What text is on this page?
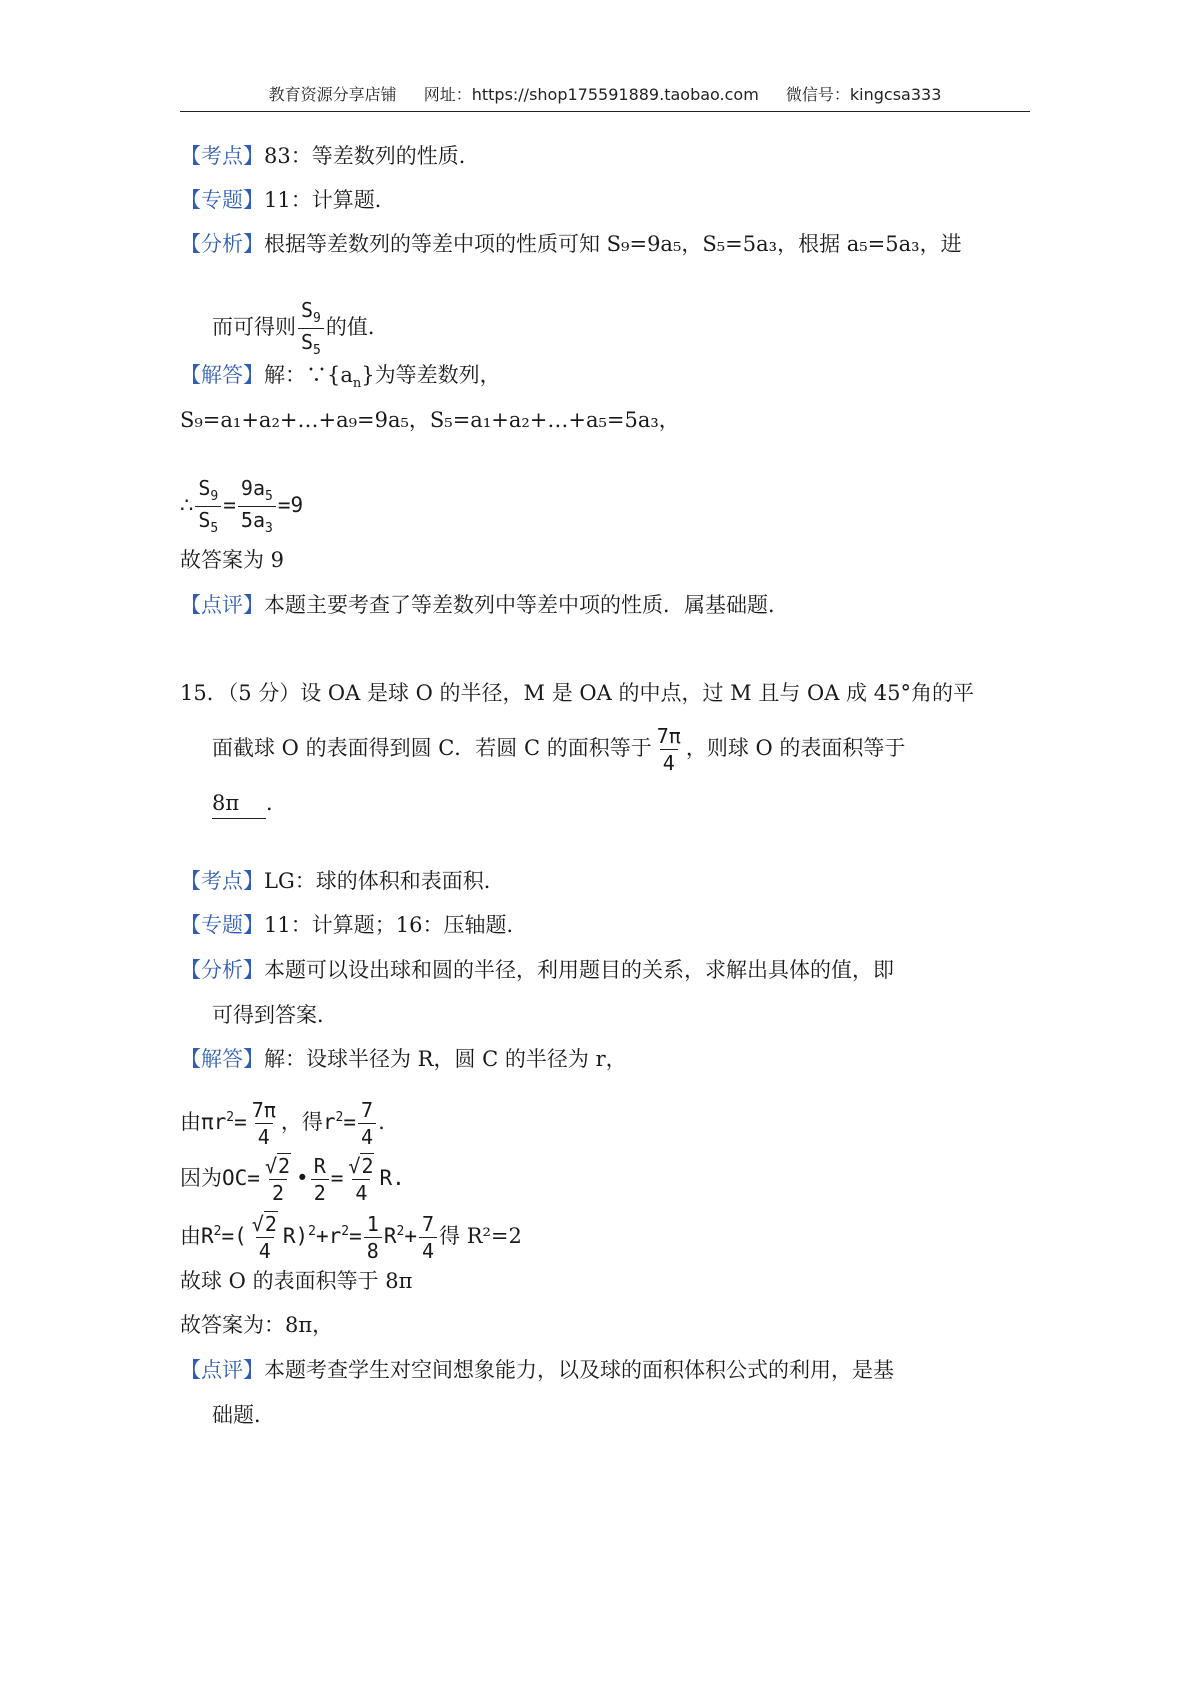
教育资源分享店铺 网址：https://shop175591889.taobao.com 微信号：kingcsa333
【考点】83：等差数列的性质．
【专题】11：计算题．
【分析】根据等差数列的等差中项的性质可知 S₉=9a₅，S₅=5a₃，根据 a₅=5a₃，进
而可得则 $\frac{S_9}{S_5}$ 的值．
【解答】解：$\because\{a_n\}$为等差数列，
S₉=a₁+a₂+…+a₉=9a₅，S₅=a₁+a₂+…+a₅=5a₃，
∴ $\frac{S_9}{S_5} = \frac{9a_5}{5a_3} =9$
故答案为 9
【点评】本题主要考查了等差数列中等差中项的性质．属基础题．
15．（5 分）设 OA 是球 O 的半径，M 是 OA 的中点，过 M 且与 OA 成 45°角的平
面截球 O 的表面得到圆 C．若圆 C 的面积等于 $\frac{7\pi}{4}$ ，则球 O 的表面积等于
8π ．
【考点】LG：球的体积和表面积．
【专题】11：计算题；16：压轴题．
【分析】本题可以设出球和圆的半径，利用题目的关系，求解出具体的值，即
可得到答案．
【解答】解：设球半径为 R，圆 C 的半径为 r，
由$\pi r^2= \frac{7\pi}{4}$ ，得$r^2= \frac{7}{4}$ .
因为$OC= \frac{√2}{2}$ • $\frac{R}{2} = \frac{√2}{4} R$.
由$R^2=( \frac{√2}{4} R)^2+r^2= \frac{1}{8} R^2+ \frac{7}{4}$ 得 R²=2
故球 O 的表面积等于 8π
故答案为：8π，
【点评】本题考查学生对空间想象能力，以及球的面积体积公式的利用，是基
础题．
